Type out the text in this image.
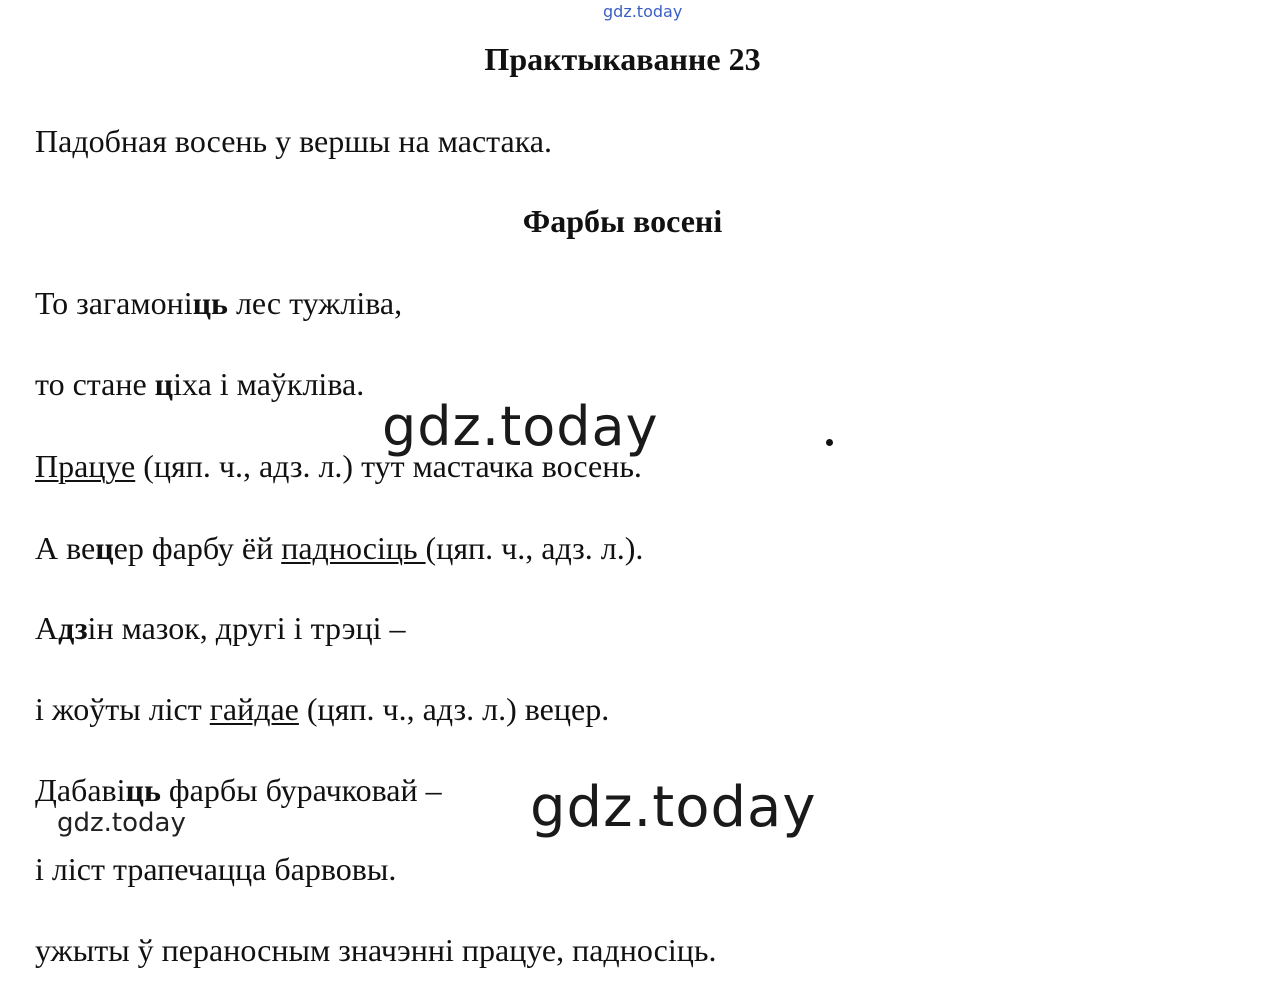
gdz.today
Практыкаванне 23
Падобная восень у вершы на мастака.
Фарбы восені
То загамоніць лес тужліва,
то стане ціха і маўкліва.
Працуе (цяп. ч., адз. л.) тут мастачка восень.
А вецер фарбу ёй падносіць (цяп. ч., адз. л.).
Адзін мазок, другі і трэці –
і жоўты ліст гайдае (цяп. ч., адз. л.) вецер.
Дабавіць фарбы бурачковай –
і ліст трапечацца барвовы.
ужыты ў пераносным значэнні працуе, падносіць.
gdz.today
gdz.today
gdz.today
